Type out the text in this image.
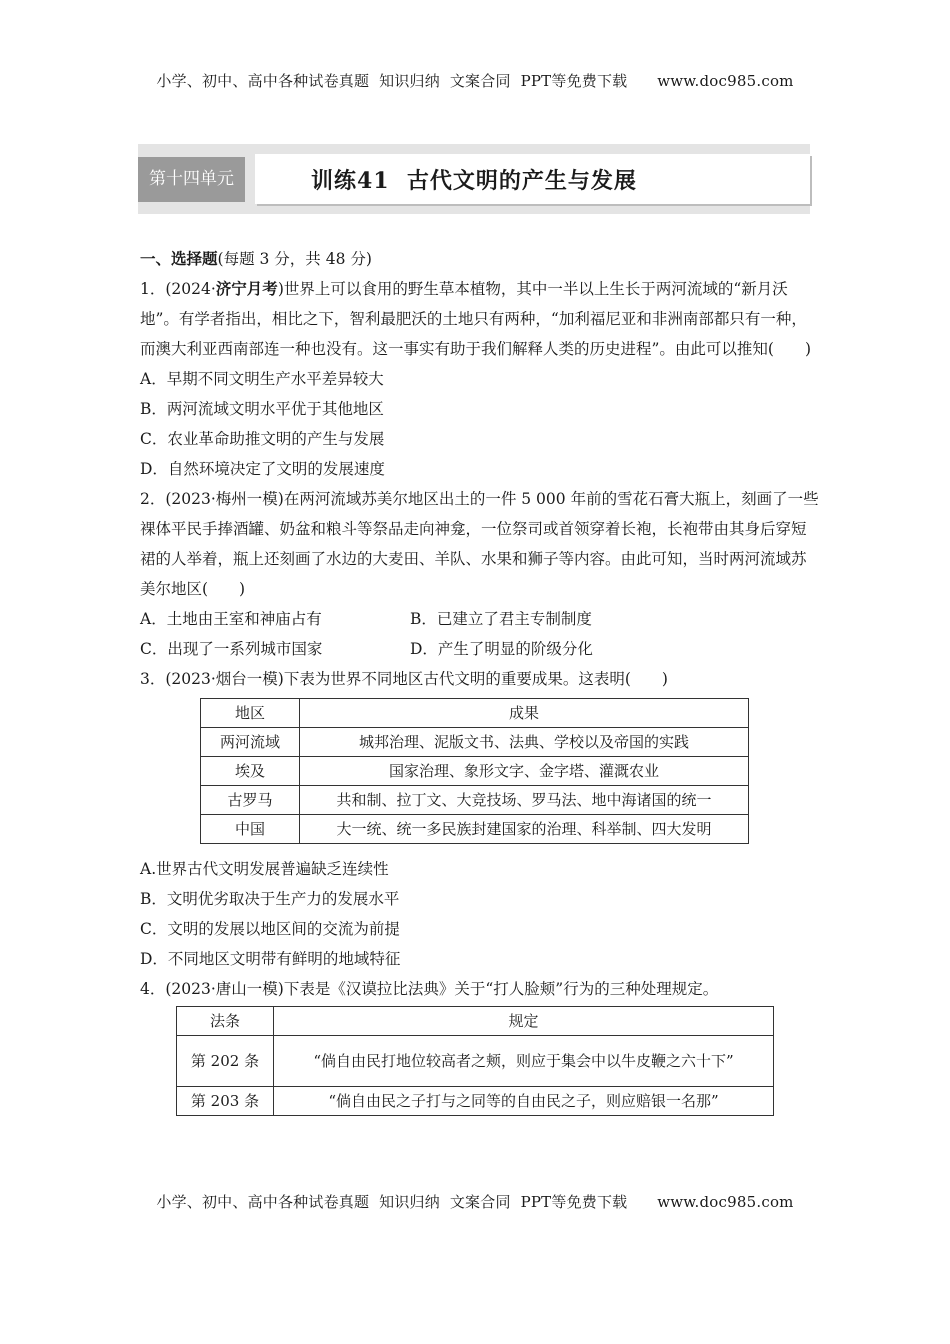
小学、初中、高中各种试卷真题  知识归纳  文案合同  PPT等免费下载 www.doc985.com
第十四单元	训练41  古代文明的产生与发展

一、选择题(每题 3 分，共 48 分)

1．(2024·济宁月考)世界上可以食用的野生草本植物，其中一半以上生长于两河流域的“新月沃地”。有学者指出，相比之下，智利最肥沃的土地只有两种，“加利福尼亚和非洲南部都只有一种，而澳大利亚西南部连一种也没有。这一事实有助于我们解释人类的历史进程”。由此可以推知(　　)

A．早期不同文明生产水平差异较大

B．两河流域文明水平优于其他地区

C．农业革命助推文明的产生与发展

D．自然环境决定了文明的发展速度

2．(2023·梅州一模)在两河流域苏美尔地区出土的一件 5 000 年前的雪花石膏大瓶上，刻画了一些裸体平民手捧酒罐、奶盆和粮斗等祭品走向神龛，一位祭司或首领穿着长袍，长袍带由其身后穿短裙的人举着，瓶上还刻画了水边的大麦田、羊队、水果和狮子等内容。由此可知，当时两河流域苏美尔地区(　　)

A．土地由王室和神庙占有	B．已建立了君主专制制度
C．出现了一系列城市国家	D．产生了明显的阶级分化

3．(2023·烟台一模)下表为世界不同地区古代文明的重要成果。这表明(　　)

地区	成果
两河流域	城邦治理、泥版文书、法典、学校以及帝国的实践
埃及	国家治理、象形文字、金字塔、灌溉农业
古罗马	共和制、拉丁文、大竞技场、罗马法、地中海诸国的统一
中国	大一统、统一多民族封建国家的治理、科举制、四大发明

A.世界古代文明发展普遍缺乏连续性

B．文明优劣取决于生产力的发展水平

C．文明的发展以地区间的交流为前提

D．不同地区文明带有鲜明的地域特征

4．(2023·唐山一模)下表是《汉谟拉比法典》关于“打人脸颊”行为的三种处理规定。

法条	规定
第 202 条	“倘自由民打地位较高者之颊，则应于集会中以牛皮鞭之六十下”
第 203 条	“倘自由民之子打与之同等的自由民之子，则应赔银一名那”
小学、初中、高中各种试卷真题  知识归纳  文案合同  PPT等免费下载 www.doc985.com
